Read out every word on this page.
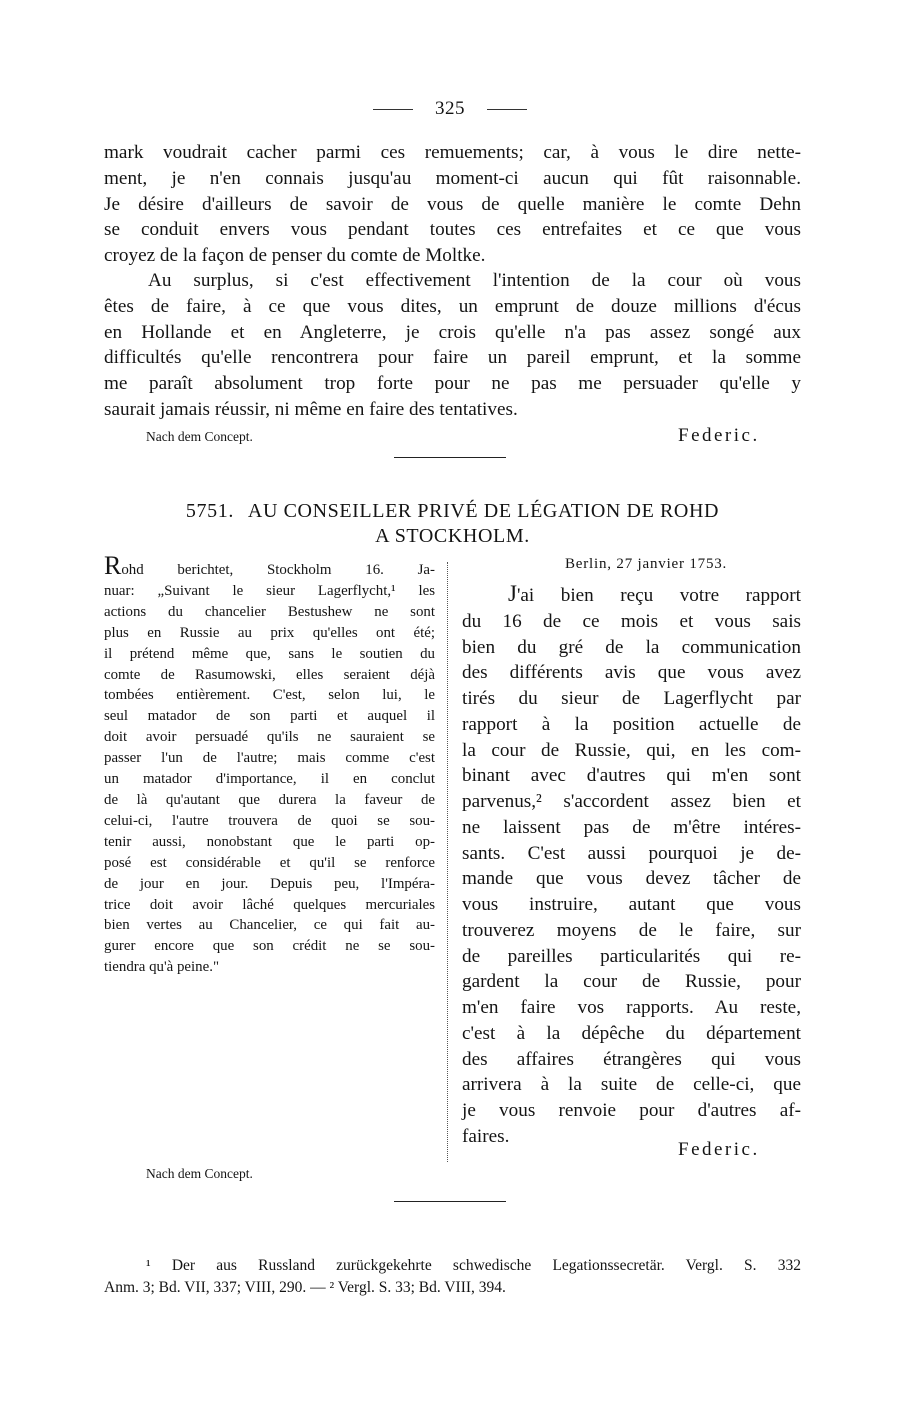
325

mark voudrait cacher parmi ces remuements; car, à vous le dire nette-
ment, je n'en connais jusqu'au moment-ci aucun qui fût raisonnable.
Je désire d'ailleurs de savoir de vous de quelle manière le comte Dehn
se conduit envers vous pendant toutes ces entrefaites et ce que vous
croyez de la façon de penser du comte de Moltke.

Au surplus, si c'est effectivement l'intention de la cour où vous
êtes de faire, à ce que vous dites, un emprunt de douze millions d'écus
en Hollande et en Angleterre, je crois qu'elle n'a pas assez songé aux
difficultés qu'elle rencontrera pour faire un pareil emprunt, et la somme
me paraît absolument trop forte pour ne pas me persuader qu'elle y
saurait jamais réussir, ni même en faire des tentatives.

Nach dem Concept.	Federic.
5751. AU CONSEILLER PRIVÉ DE LÉGATION DE ROHD
A STOCKHOLM.

Rohd berichtet, Stockholm 16. Ja-
nuar: „Suivant le sieur Lagerflycht,¹ les
actions du chancelier Bestushew ne sont
plus en Russie au prix qu'elles ont été;
il prétend même que, sans le soutien du
comte de Rasumowski, elles seraient déjà
tombées entièrement. C'est, selon lui, le
seul matador de son parti et auquel il
doit avoir persuadé qu'ils ne sauraient se
passer l'un de l'autre; mais comme c'est
un matador d'importance, il en conclut
de là qu'autant que durera la faveur de
celui-ci, l'autre trouvera de quoi se sou-
tenir aussi, nonobstant que le parti op-
posé est considérable et qu'il se renforce
de jour en jour. Depuis peu, l'Impéra-
trice doit avoir lâché quelques mercuriales
bien vertes au Chancelier, ce qui fait au-
gurer encore que son crédit ne se sou-
tiendra qu'à peine."

Berlin, 27 janvier 1753.

J'ai bien reçu votre rapport
du 16 de ce mois et vous sais
bien du gré de la communication
des différents avis que vous avez
tirés du sieur de Lagerflycht par
rapport à la position actuelle de
la cour de Russie, qui, en les com-
binant avec d'autres qui m'en sont
parvenus,² s'accordent assez bien et
ne laissent pas de m'être intéres-
sants. C'est aussi pourquoi je de-
mande que vous devez tâcher de
vous instruire, autant que vous
trouverez moyens de le faire, sur
de pareilles particularités qui re-
gardent la cour de Russie, pour
m'en faire vos rapports. Au reste,
c'est à la dépêche du département
des affaires étrangères qui vous
arrivera à la suite de celle-ci, que
je vous renvoie pour d'autres af-
faires.

Federic.
Nach dem Concept.

¹ Der aus Russland zurückgekehrte schwedische Legationssecretär. Vergl. S. 332
Anm. 3; Bd. VII, 337; VIII, 290. — ² Vergl. S. 33; Bd. VIII, 394.
